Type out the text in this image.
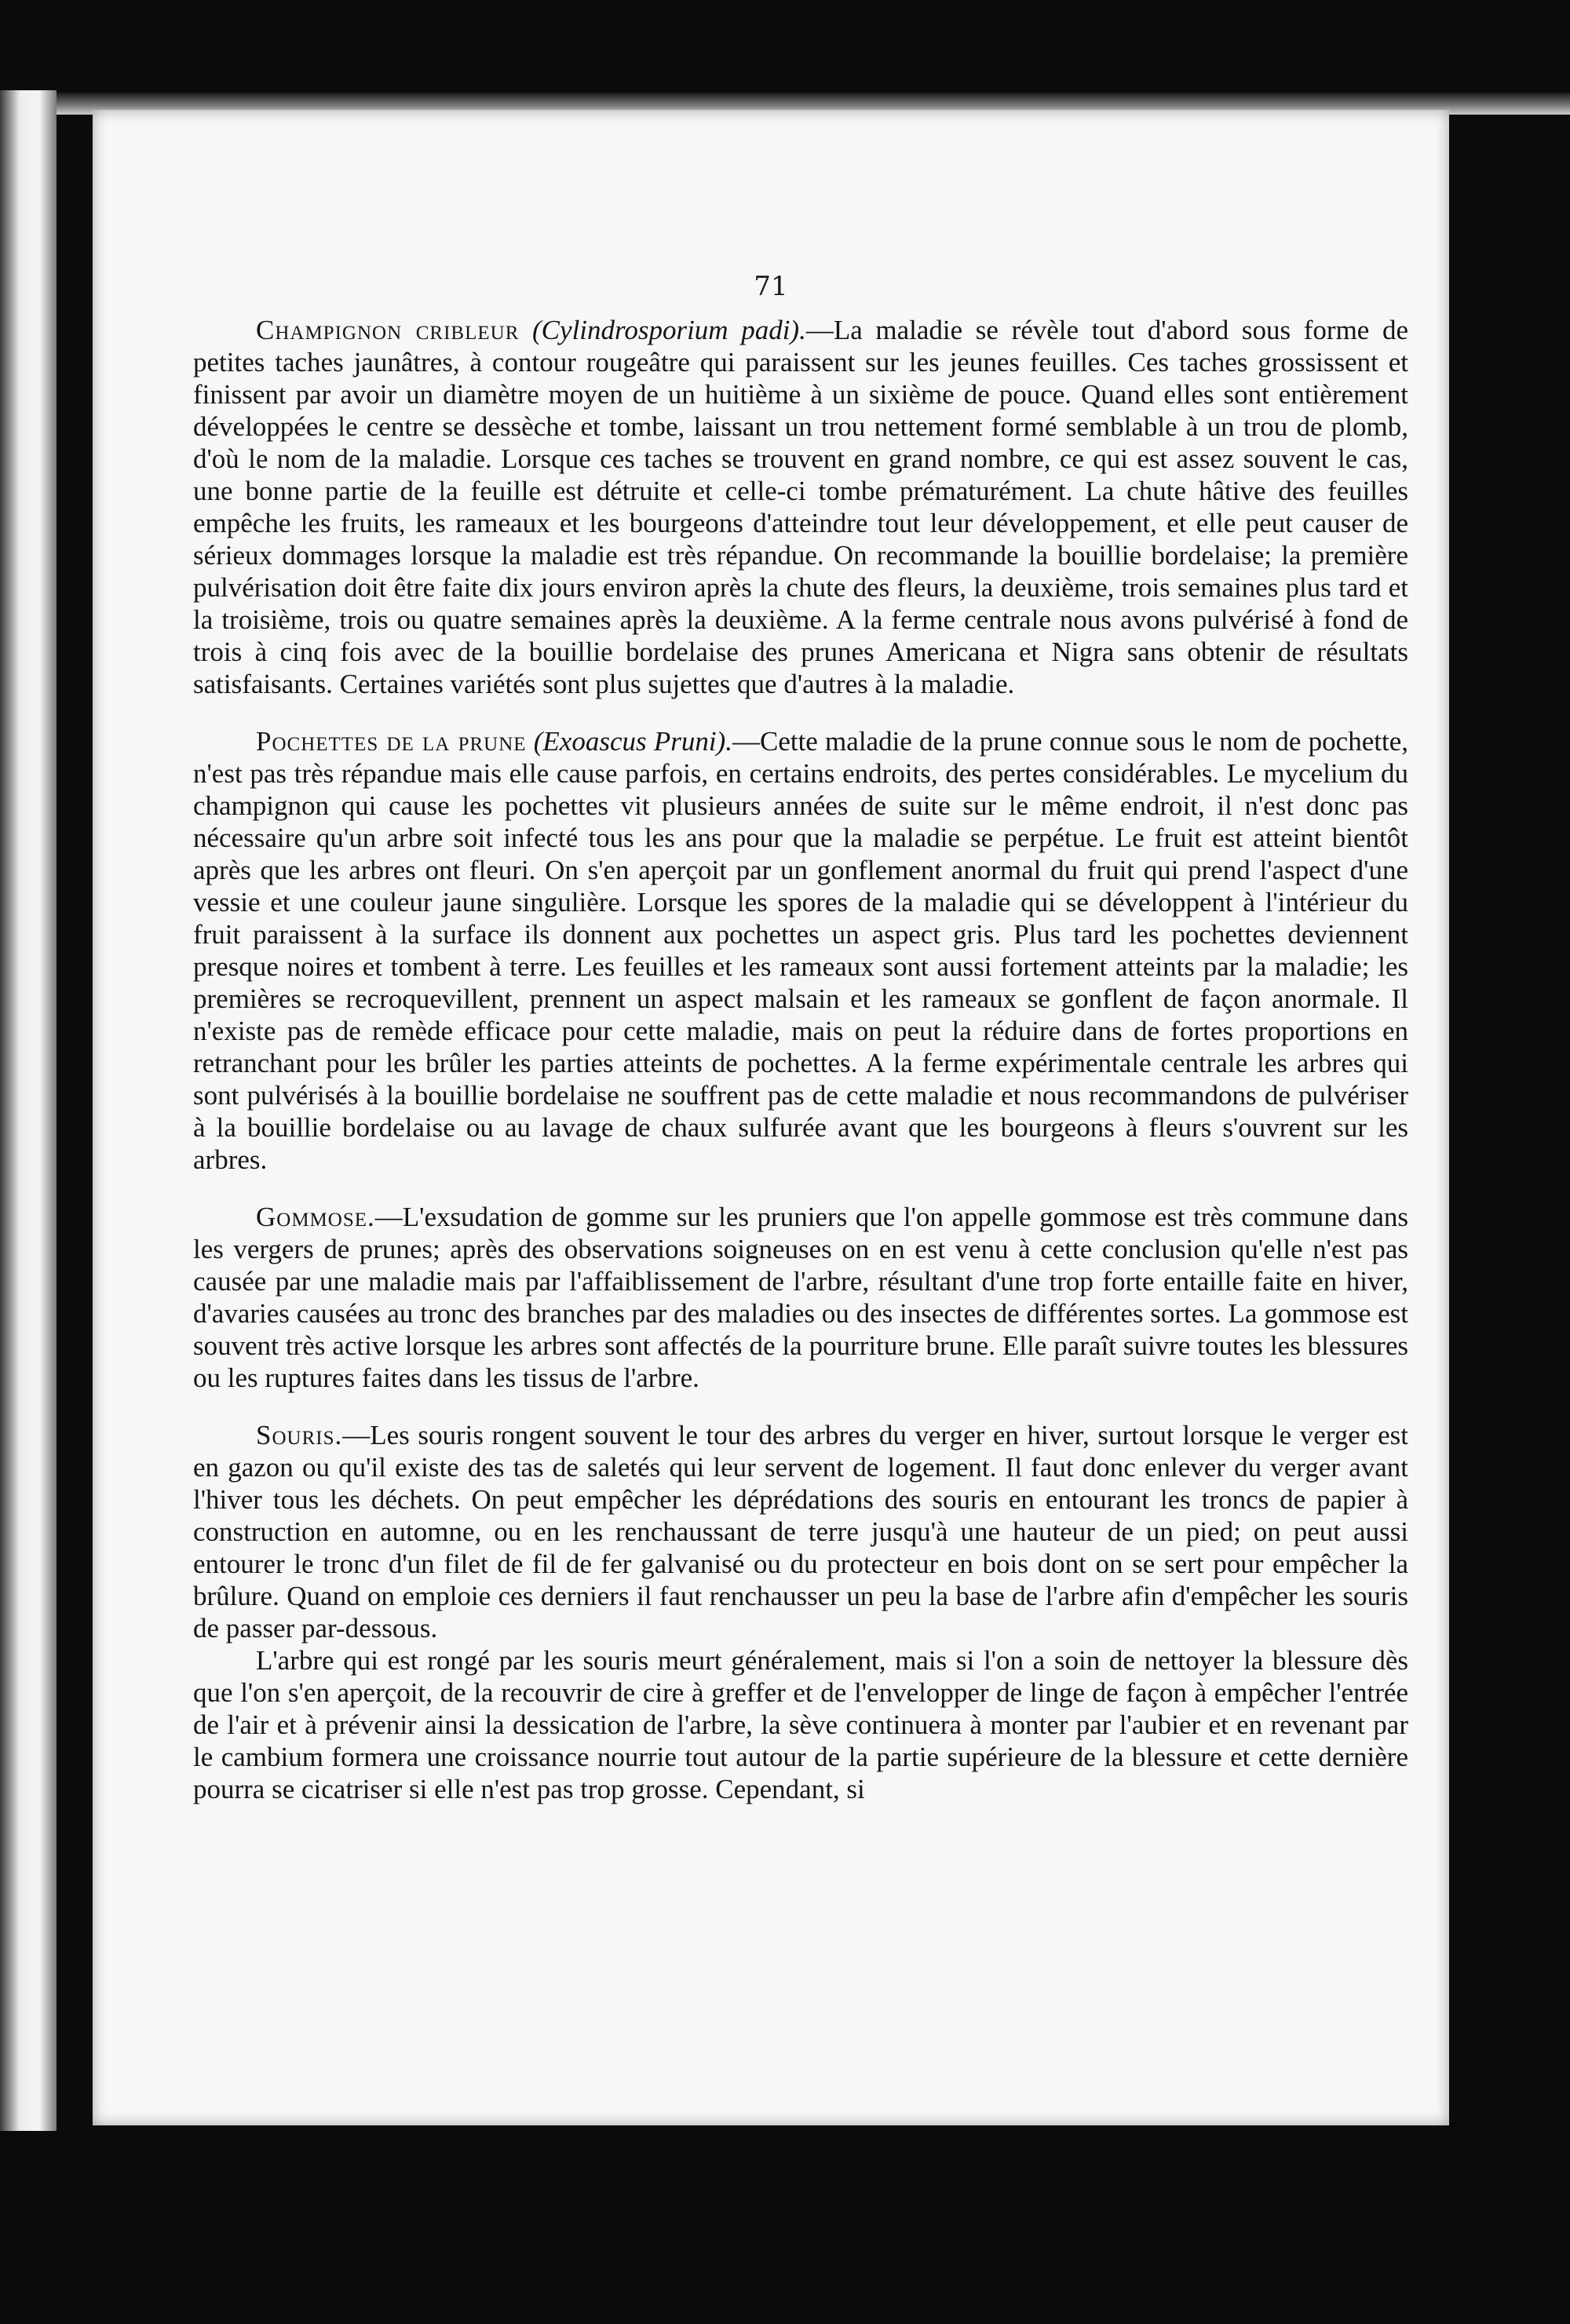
71

Champignon cribleur (Cylindrosporium padi).—La maladie se révèle tout d'abord sous forme de petites taches jaunâtres, à contour rougeâtre qui paraissent sur les jeunes feuilles. Ces taches grossissent et finissent par avoir un diamètre moyen de un huitième à un sixième de pouce. Quand elles sont entièrement développées le centre se dessèche et tombe, laissant un trou nettement formé semblable à un trou de plomb, d'où le nom de la maladie. Lorsque ces taches se trouvent en grand nombre, ce qui est assez souvent le cas, une bonne partie de la feuille est détruite et celle-ci tombe prématurément. La chute hâtive des feuilles empêche les fruits, les rameaux et les bourgeons d'atteindre tout leur développement, et elle peut causer de sérieux dommages lorsque la maladie est très répandue. On recommande la bouillie bordelaise; la première pulvérisation doit être faite dix jours environ après la chute des fleurs, la deuxième, trois semaines plus tard et la troisième, trois ou quatre semaines après la deuxième. A la ferme centrale nous avons pulvérisé à fond de trois à cinq fois avec de la bouillie bordelaise des prunes Americana et Nigra sans obtenir de résultats satisfaisants. Certaines variétés sont plus sujettes que d'autres à la maladie.

Pochettes de la prune (Exoascus Pruni).—Cette maladie de la prune connue sous le nom de pochette, n'est pas très répandue mais elle cause parfois, en certains endroits, des pertes considérables. Le mycelium du champignon qui cause les pochettes vit plusieurs années de suite sur le même endroit, il n'est donc pas nécessaire qu'un arbre soit infecté tous les ans pour que la maladie se perpétue. Le fruit est atteint bientôt après que les arbres ont fleuri. On s'en aperçoit par un gonflement anormal du fruit qui prend l'aspect d'une vessie et une couleur jaune singulière. Lorsque les spores de la maladie qui se développent à l'intérieur du fruit paraissent à la surface ils donnent aux pochettes un aspect gris. Plus tard les pochettes deviennent presque noires et tombent à terre. Les feuilles et les rameaux sont aussi fortement atteints par la maladie; les premières se recroquevillent, prennent un aspect malsain et les rameaux se gonflent de façon anormale. Il n'existe pas de remède efficace pour cette maladie, mais on peut la réduire dans de fortes proportions en retranchant pour les brûler les parties atteints de pochettes. A la ferme expérimentale centrale les arbres qui sont pulvérisés à la bouillie bordelaise ne souffrent pas de cette maladie et nous recommandons de pulvériser à la bouillie bordelaise ou au lavage de chaux sulfurée avant que les bourgeons à fleurs s'ouvrent sur les arbres.

Gommose.—L'exsudation de gomme sur les pruniers que l'on appelle gommose est très commune dans les vergers de prunes; après des observations soigneuses on en est venu à cette conclusion qu'elle n'est pas causée par une maladie mais par l'affaiblissement de l'arbre, résultant d'une trop forte entaille faite en hiver, d'avaries causées au tronc des branches par des maladies ou des insectes de différentes sortes. La gommose est souvent très active lorsque les arbres sont affectés de la pourriture brune. Elle paraît suivre toutes les blessures ou les ruptures faites dans les tissus de l'arbre.

Souris.—Les souris rongent souvent le tour des arbres du verger en hiver, surtout lorsque le verger est en gazon ou qu'il existe des tas de saletés qui leur servent de logement. Il faut donc enlever du verger avant l'hiver tous les déchets. On peut empêcher les déprédations des souris en entourant les troncs de papier à construction en automne, ou en les renchaussant de terre jusqu'à une hauteur de un pied; on peut aussi entourer le tronc d'un filet de fil de fer galvanisé ou du protecteur en bois dont on se sert pour empêcher la brûlure. Quand on emploie ces derniers il faut renchausser un peu la base de l'arbre afin d'empêcher les souris de passer par-dessous.

L'arbre qui est rongé par les souris meurt généralement, mais si l'on a soin de nettoyer la blessure dès que l'on s'en aperçoit, de la recouvrir de cire à greffer et de l'envelopper de linge de façon à empêcher l'entrée de l'air et à prévenir ainsi la dessication de l'arbre, la sève continuera à monter par l'aubier et en revenant par le cambium formera une croissance nourrie tout autour de la partie supérieure de la blessure et cette dernière pourra se cicatriser si elle n'est pas trop grosse. Cependant, si
